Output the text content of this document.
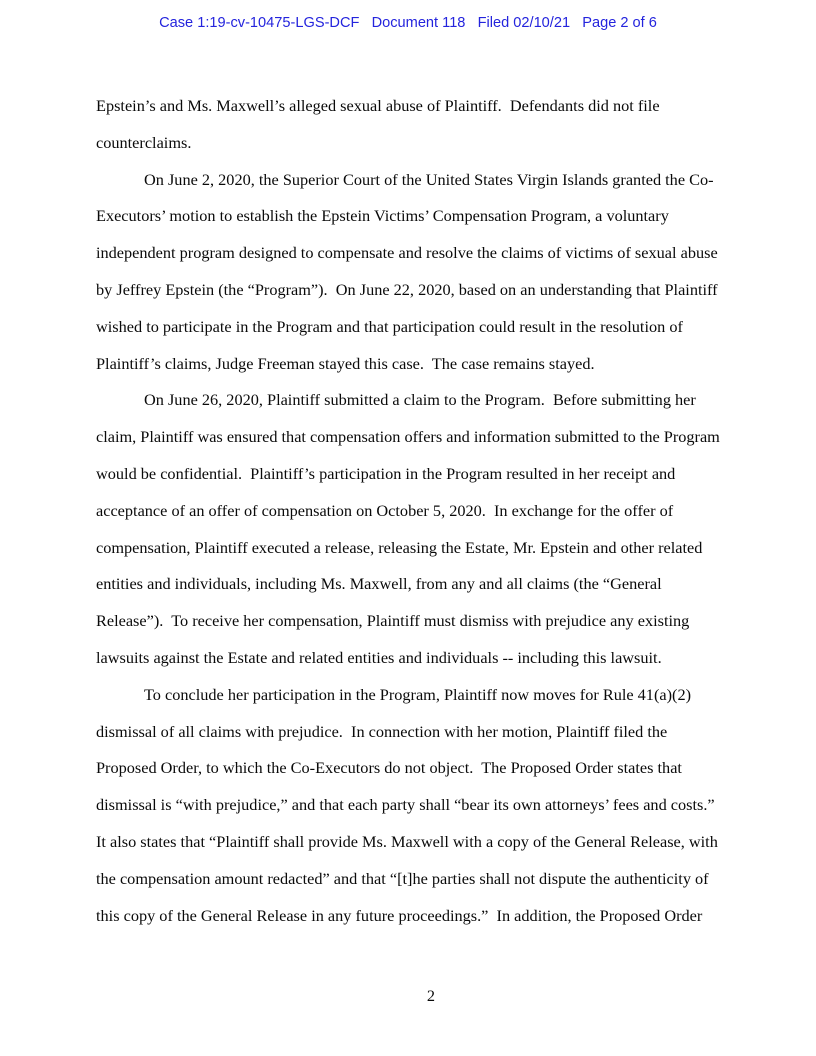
Case 1:19-cv-10475-LGS-DCF   Document 118   Filed 02/10/21   Page 2 of 6
Epstein’s and Ms. Maxwell’s alleged sexual abuse of Plaintiff.  Defendants did not file
counterclaims.
On June 2, 2020, the Superior Court of the United States Virgin Islands granted the Co-
Executors’ motion to establish the Epstein Victims’ Compensation Program, a voluntary
independent program designed to compensate and resolve the claims of victims of sexual abuse
by Jeffrey Epstein (the “Program”).  On June 22, 2020, based on an understanding that Plaintiff
wished to participate in the Program and that participation could result in the resolution of
Plaintiff’s claims, Judge Freeman stayed this case.  The case remains stayed.
On June 26, 2020, Plaintiff submitted a claim to the Program.  Before submitting her
claim, Plaintiff was ensured that compensation offers and information submitted to the Program
would be confidential.  Plaintiff’s participation in the Program resulted in her receipt and
acceptance of an offer of compensation on October 5, 2020.  In exchange for the offer of
compensation, Plaintiff executed a release, releasing the Estate, Mr. Epstein and other related
entities and individuals, including Ms. Maxwell, from any and all claims (the “General
Release”).  To receive her compensation, Plaintiff must dismiss with prejudice any existing
lawsuits against the Estate and related entities and individuals -- including this lawsuit.
To conclude her participation in the Program, Plaintiff now moves for Rule 41(a)(2)
dismissal of all claims with prejudice.  In connection with her motion, Plaintiff filed the
Proposed Order, to which the Co-Executors do not object.  The Proposed Order states that
dismissal is “with prejudice,” and that each party shall “bear its own attorneys’ fees and costs.”
It also states that “Plaintiff shall provide Ms. Maxwell with a copy of the General Release, with
the compensation amount redacted” and that “[t]he parties shall not dispute the authenticity of
this copy of the General Release in any future proceedings.”  In addition, the Proposed Order
2
